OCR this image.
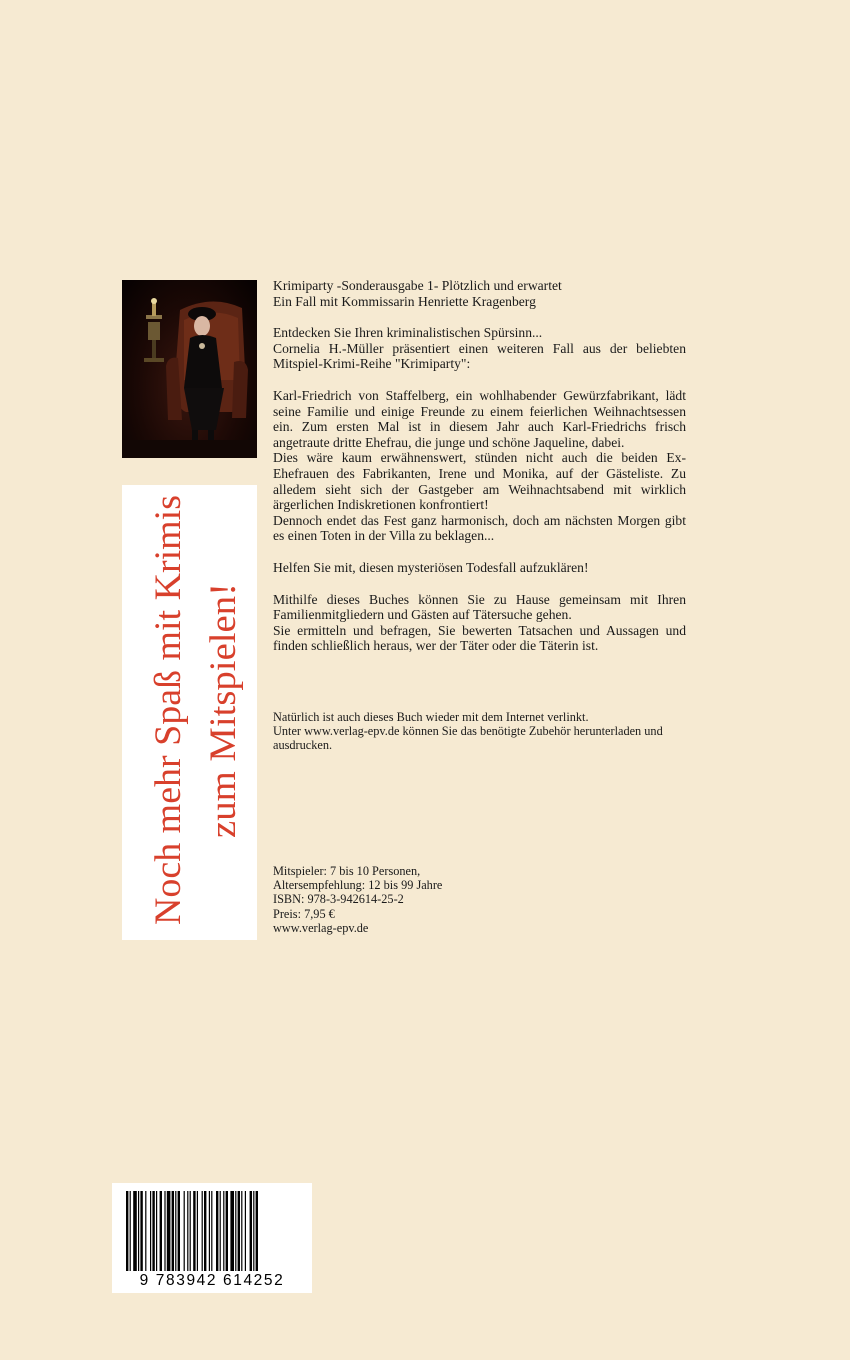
Noch mehr Spaß mit Krimis zum Mitspielen!

Krimiparty -Sonderausgabe 1- Plötzlich und erwartet

Ein Fall mit Kommissarin Henriette Kragenberg

Entdecken Sie Ihren kriminalistischen Spürsinn...

Cornelia H.-Müller präsentiert einen weiteren Fall aus der beliebten Mitspiel-Krimi-Reihe "Krimiparty":

Karl-Friedrich von Staffelberg, ein wohlhabender Gewürzfabrikant, lädt seine Familie und einige Freunde zu einem feierlichen Weihnachtsessen ein. Zum ersten Mal ist in diesem Jahr auch Karl-Friedrichs frisch angetraute dritte Ehefrau, die junge und schöne Jaqueline, dabei.

Dies wäre kaum erwähnenswert, stünden nicht auch die beiden Ex-Ehefrauen des Fabrikanten, Irene und Monika, auf der Gästeliste. Zu alledem sieht sich der Gastgeber am Weihnachtsabend mit wirklich ärgerlichen Indiskretionen konfrontiert!

Dennoch endet das Fest ganz harmonisch, doch am nächsten Morgen gibt es einen Toten in der Villa zu beklagen...

Helfen Sie mit, diesen mysteriösen Todesfall aufzuklären!

Mithilfe dieses Buches können Sie zu Hause gemeinsam mit Ihren Familienmitgliedern und Gästen auf Tätersuche gehen.

Sie ermitteln und befragen, Sie bewerten Tatsachen und Aussagen und finden schließlich heraus, wer der Täter oder die Täterin ist.

Natürlich ist auch dieses Buch wieder mit dem Internet verlinkt.

Unter www.verlag-epv.de können Sie das benötigte Zubehör herunterladen und

ausdrucken.

Mitspieler: 7 bis 10 Personen,

Altersempfehlung: 12 bis 99 Jahre

ISBN: 978-3-942614-25-2

Preis: 7,95 €

www.verlag-epv.de

9 783942 614252
